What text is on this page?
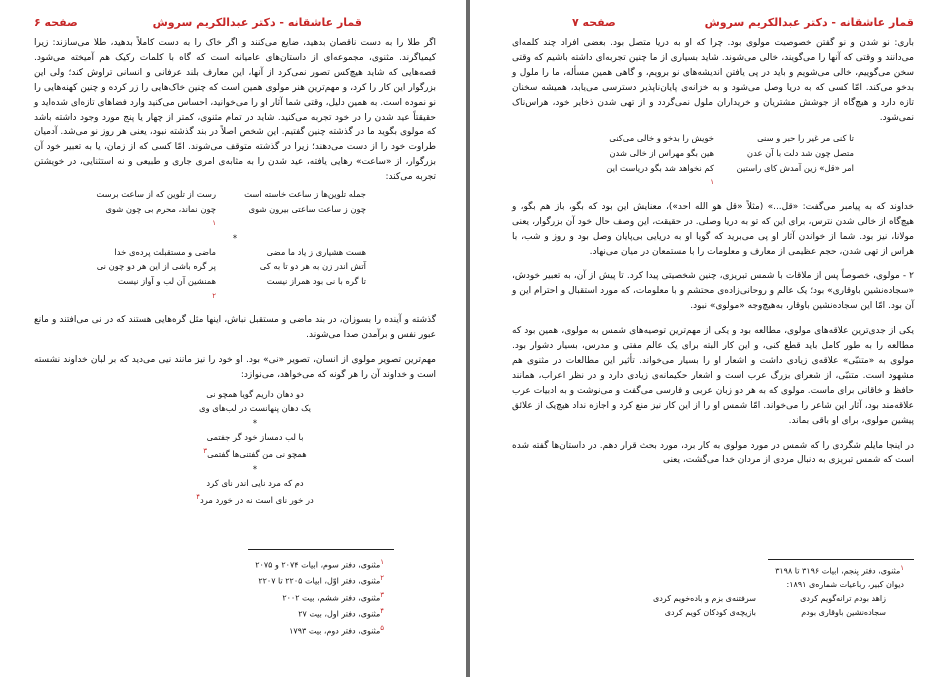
قمار عاشقانه - دکتر عبدالکریم سروش
صفحه ۶

اگر طلا را به دست ناقصان بدهید، ضایع می‌کنند و اگر خاک را به دست کاملاً بدهید، طلا می‌سازند: زیرا کیمیاگرند. مثنوی، مجموعه‌ای از داستان‌های عامیانه است که گاه با کلمات رکیک هم آمیخته می‌شود. قصه‌هایی که شاید هیچ‌کس تصور نمی‌کرد از آنها، این معارف بلند عرفانی و انسانی تراوش کند؛ ولی این بزرگوار این کار را کرد، و مهم‌ترین هنر مولوی همین است که چنین خاک‌هایی را زر کرده و چنین کهنه‌هایی را نو نموده است. به همین دلیل، وقتی شما آثار او را می‌خوانید، احساس می‌کنید وارد فضاهای تازه‌ای شده‌اید و حقیقتاً عید شدن را در خود تجربه می‌کنید. شاید در تمام مثنوی، کمتر از چهار یا پنج مورد وجود داشته باشد که مولوی بگوید ما در گذشته چنین گفتیم. این شخص اصلاً در بند گذشته نبود، یعنی هر روز نو می‌شد. آدمیان طراوت خود را از دست می‌دهند؛ زیرا در گذشته متوقف می‌شوند. امّا کسی که از زمان، یا به تعبیر خود آن بزرگوار، از «ساعت» رهایی یافته، عید شدن را به مثابه‌ی امری جاری و طبیعی و نه استثنایی، در خویشتن تجربه می‌کند:

جمله تلوین‌ها ز ساعت خاسته است
رست از تلوین که از ساعت برست
چون ز ساعت ساعتی بیرون شوی
چون نماند، محرم بی چون شوی
۱
*
هست هشیاری ز یاد ما مضی
ماضی و مستقبلت پرده‌ی خدا
آتش اندر زن به هر دو تا به کی
پر گره باشی از این هر دو چون نی
تا گره با نی بود همراز نیست
همنشین آن لب و آواز نیست
۲

گذشته و آینده را بسوزان، در بند ماضی و مستقبل نباش، اینها مثل گره‌هایی هستند که در نی می‌افتند و مانع عبور نفس و برآمدن صدا می‌شوند.

مهم‌ترین تصویر مولوی از انسان، تصویر «نی» بود. او خود را نیز مانند نیی می‌دید که بر لبان خداوند نشسته است و خداوند آن را هر گونه که می‌خواهد، می‌نوازد:

دو دهان داریم گویا همچو نی
یک دهان پنهانست در لب‌های وی
*
با لب دمساز خود گر جفتمی
همچو نی من گفتنی‌ها گفتمی$^۳$
*
دم که مرد نایی اندر نای کرد
در خور نای است نه در خورد مرد$^۴$
۱مثنوی، دفتر سوم، ابیات ۲۰۷۴ و ۲۰۷۵
۲مثنوی، دفتر اوّل، ابیات ۲۲۰۵ تا ۲۲۰۷
۳مثنوی، دفتر ششم، بیت ۲۰۰۲
۴مثنوی، دفتر اول، بیت ۲۷
۵مثنوی، دفتر دوم، بیت ۱۷۹۳
قمار عاشقانه - دکتر عبدالکریم سروش
صفحه ۷

باری: نو شدن و نو گفتن خصوصیت مولوی بود. چرا که او به دریا متصل بود. بعضی افراد چند کلمه‌ای می‌دانند و وقتی که آنها را می‌گویند، خالی می‌شوند. شاید بسیاری از ما چنین تجربه‌ای داشته باشیم که وقتی سخن می‌گوییم، خالی می‌شویم و باید در پی یافتن اندیشه‌های نو برویم، و گاهی همین مسأله، ما را ملول و بدخو می‌کند. امّا کسی که به دریا وصل می‌شود و به خزانه‌ی پایان‌ناپذیر دسترسی می‌یابد، همیشه سخنان تازه دارد و هیچ‌گاه از جوشش مشتریان و خریداران ملول نمی‌گردد و از تهی شدن ذخایر خود، هراس‌ناک نمی‌شود.

تا کنی مر غیر را حبر و سنی
خویش را بدخو و خالی می‌کنی
متصل چون شد دلت با آن عدن
هین بگو مهراس از خالی شدن
امر «قل» زین آمدش کای راستین
کم نخواهد شد بگو دریاست این
۱

خداوند که به پیامبر می‌گفت: «قل...» (مثلاً «قل هو الله احد»)، معنایش این بود که بگو، باز هم بگو، و هیچ‌گاه از خالی شدن نترس، برای این که تو به دریا وصلی. در حقیقت، این وصف حال خود آن بزرگوار، یعنی مولانا، نیز بود. شما از خواندن آثار او پی می‌برید که گویا او به دریایی بی‌پایان وصل بود و روز و شب، با هراس از تهی شدن، حجم عظیمی از معارف و معلومات را با مستمعان در میان می‌نهاد.

۲ - مولوی، خصوصاً پس از ملاقات با شمس تبریزی، چنین شخصیتی پیدا کرد. تا پیش از آن، به تعبیر خودش، «سجاده‌نشین باوقاری» بود؛ یک عالم و روحانی‌زاده‌ی محتشم و با معلومات، که مورد استقبال و احترام این و آن بود. امّا این سجاده‌نشین باوقار، به‌هیچ‌وجه «مولوی» نبود.

یکی از جدی‌ترین علاقه‌های مولوی، مطالعه بود و یکی از مهم‌ترین توصیه‌های شمس به مولوی، همین بود که مطالعه را به طور کامل باید قطع کنی، و این کار البته برای یک عالم مفتی و مدرس، بسیار دشوار بود. مولوی به «متنبّی» علاقه‌ی زیادی داشت و اشعار او را بسیار می‌خواند. تأثیر این مطالعات در مثنوی هم مشهود است. متنبّی، از شعرای بزرگ عرب است و اشعار حکیمانه‌ی زیادی دارد و در نظر اعراب، همانند حافظ و خاقانی برای ماست. مولوی که به هر دو زبان عربی و فارسی می‌گفت و می‌نوشت و به ادبیات عرب علاقه‌مند بود، آثار این شاعر را می‌خواند. امّا شمس او را از این کار نیز منع کرد و اجازه نداد هیچ‌یک از علائق پیشین مولوی، برای او باقی بماند.

در اینجا مایلم شگردی را که شمس در مورد مولوی به کار برد، مورد بحث قرار دهم. در داستان‌ها گفته شده است که شمس تبریزی به دنبال مردی از مردان خدا می‌گشت، یعنی

۱مثنوی، دفتر پنجم، ابیات ۳۱۹۶ تا ۳۱۹۸
دیوان کبیر، رباعیات شماره‌ی ۱۸۹۱:
زاهد بودم ترانه‌گویم کردی
سرفتنه‌ی بزم و باده‌خویم کردی
سجاده‌نشین باوقاری بودم
بازیچه‌ی کودکان کویم کردی
